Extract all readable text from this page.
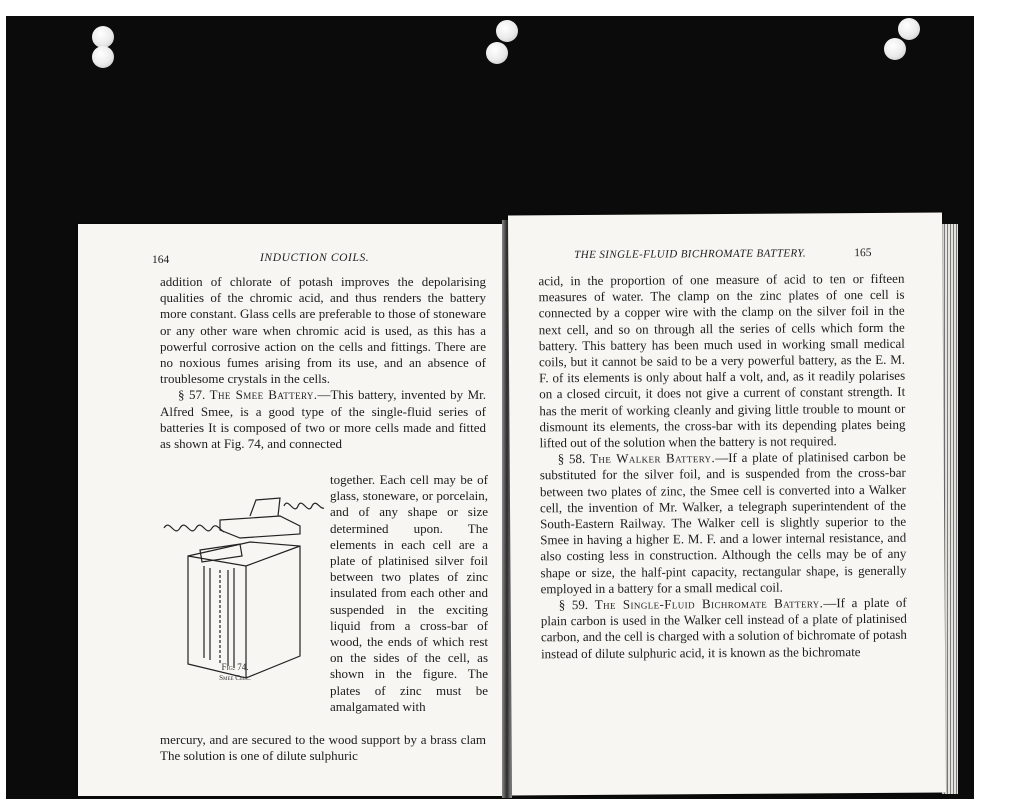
164	INDUCTION COILS.

addition of chlorate of potash improves the depolarising qualities of the chromic acid, and thus renders the battery more constant. Glass cells are preferable to those of stoneware or any other ware when chromic acid is used, as this has a powerful corrosive action on the cells and fittings. There are no noxious fumes arising from its use, and an absence of troublesome crystals in the cells.

§ 57. The Smee Battery.—This battery, invented by Mr. Alfred Smee, is a good type of the single-fluid series of batteries It is composed of two or more cells made and fitted as shown at Fig. 74, and connected

Fig. 74.
Smee Cell.
together. Each cell may be of glass, stoneware, or porcelain, and of any shape or size determined upon. The elements in each cell are a plate of platinised silver foil between two plates of zinc insulated from each other and suspended in the exciting liquid from a cross-bar of wood, the ends of which rest on the sides of the cell, as shown in the figure. The plates of zinc must be amalgamated with
mercury, and are secured to the wood support by a brass clam The solution is one of dilute sulphuric
THE SINGLE-FLUID BICHROMATE BATTERY.	165

acid, in the proportion of one measure of acid to ten or fifteen measures of water. The clamp on the zinc plates of one cell is connected by a copper wire with the clamp on the silver foil in the next cell, and so on through all the series of cells which form the battery. This battery has been much used in working small medical coils, but it cannot be said to be a very powerful battery, as the E. M. F. of its elements is only about half a volt, and, as it readily polarises on a closed circuit, it does not give a current of constant strength. It has the merit of working cleanly and giving little trouble to mount or dismount its elements, the cross-bar with its depending plates being lifted out of the solution when the battery is not required.

§ 58. The Walker Battery.—If a plate of platinised carbon be substituted for the silver foil, and is suspended from the cross-bar between two plates of zinc, the Smee cell is converted into a Walker cell, the invention of Mr. Walker, a telegraph superintendent of the South-Eastern Railway. The Walker cell is slightly superior to the Smee in having a higher E. M. F. and a lower internal resistance, and also costing less in construction. Although the cells may be of any shape or size, the half-pint capacity, rectangular shape, is generally employed in a battery for a small medical coil.

§ 59. The Single-Fluid Bichromate Battery.—If a plate of plain carbon is used in the Walker cell instead of a plate of platinised carbon, and the cell is charged with a solution of bichromate of potash instead of dilute sulphuric acid, it is known as the bichromate
